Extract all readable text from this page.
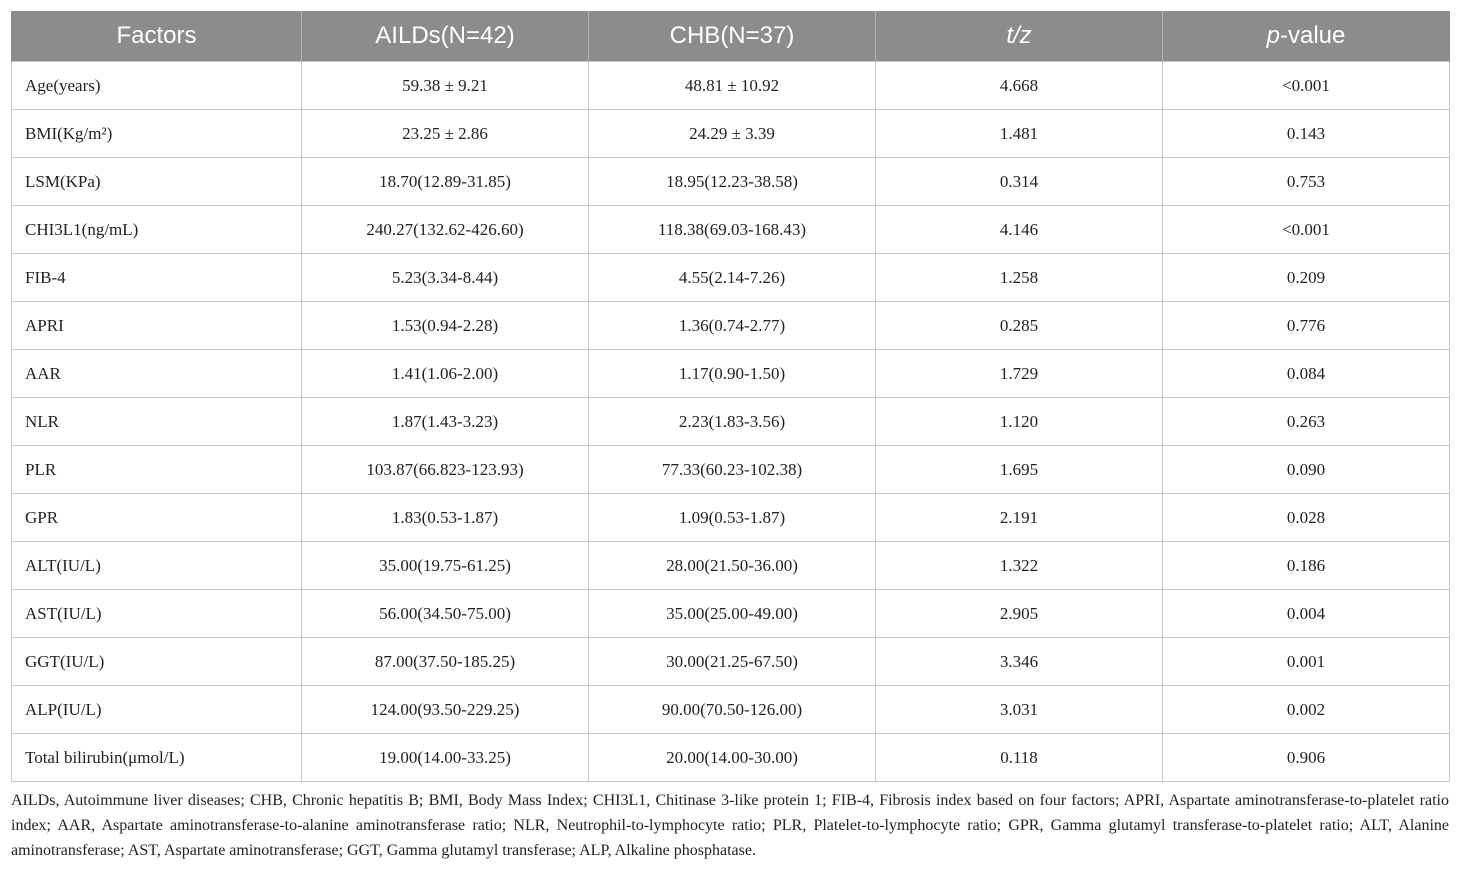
Factors	AILDs(N=42)	CHB(N=37)	t/z	p-value
Age(years)	59.38 ± 9.21	48.81 ± 10.92	4.668	<0.001
BMI(Kg/m²)	23.25 ± 2.86	24.29 ± 3.39	1.481	0.143
LSM(KPa)	18.70(12.89-31.85)	18.95(12.23-38.58)	0.314	0.753
CHI3L1(ng/mL)	240.27(132.62-426.60)	118.38(69.03-168.43)	4.146	<0.001
FIB-4	5.23(3.34-8.44)	4.55(2.14-7.26)	1.258	0.209
APRI	1.53(0.94-2.28)	1.36(0.74-2.77)	0.285	0.776
AAR	1.41(1.06-2.00)	1.17(0.90-1.50)	1.729	0.084
NLR	1.87(1.43-3.23)	2.23(1.83-3.56)	1.120	0.263
PLR	103.87(66.823-123.93)	77.33(60.23-102.38)	1.695	0.090
GPR	1.83(0.53-1.87)	1.09(0.53-1.87)	2.191	0.028
ALT(IU/L)	35.00(19.75-61.25)	28.00(21.50-36.00)	1.322	0.186
AST(IU/L)	56.00(34.50-75.00)	35.00(25.00-49.00)	2.905	0.004
GGT(IU/L)	87.00(37.50-185.25)	30.00(21.25-67.50)	3.346	0.001
ALP(IU/L)	124.00(93.50-229.25)	90.00(70.50-126.00)	3.031	0.002
Total bilirubin(μmol/L)	19.00(14.00-33.25)	20.00(14.00-30.00)	0.118	0.906
AILDs, Autoimmune liver diseases; CHB, Chronic hepatitis B; BMI, Body Mass Index; CHI3L1, Chitinase 3-like protein 1; FIB-4, Fibrosis index based on four factors; APRI, Aspartate aminotransferase-to-platelet ratio index; AAR, Aspartate aminotransferase-to-alanine aminotransferase ratio; NLR, Neutrophil-to-lymphocyte ratio; PLR, Platelet-to-lymphocyte ratio; GPR, Gamma glutamyl transferase-to-platelet ratio; ALT, Alanine aminotransferase; AST, Aspartate aminotransferase; GGT, Gamma glutamyl transferase; ALP, Alkaline phosphatase.
